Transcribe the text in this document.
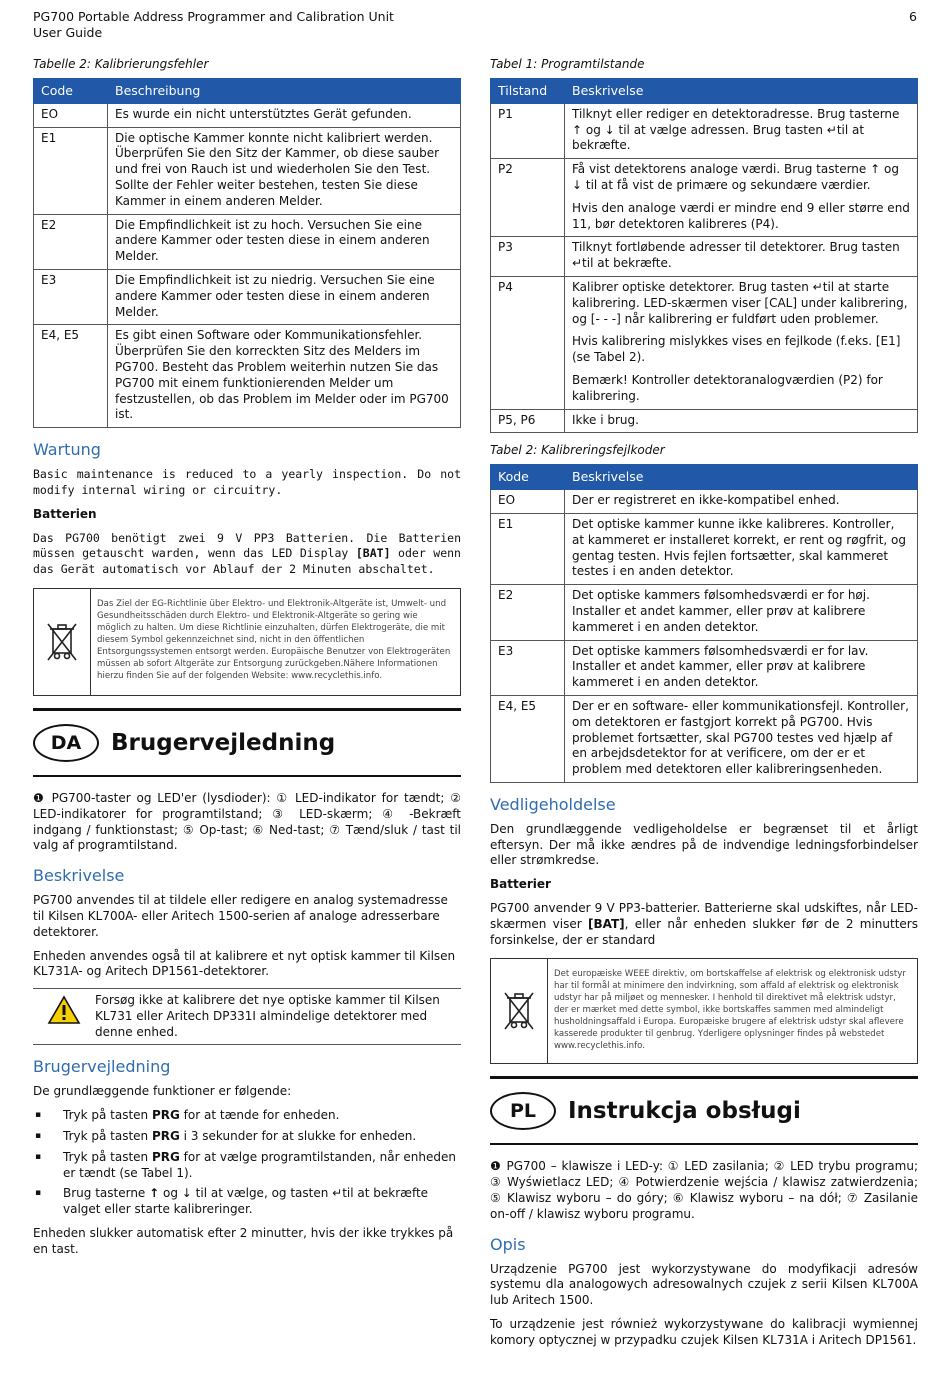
PG700 Portable Address Programmer and Calibration Unit
User Guide
6
Tabelle 2: Kalibrierungsfehler
Code	Beschreibung
EO	Es wurde ein nicht unterstütztes Gerät gefunden.
E1	Die optische Kammer konnte nicht kalibriert werden. Überprüfen Sie den Sitz der Kammer, ob diese sauber und frei von Rauch ist und wiederholen Sie den Test. Sollte der Fehler weiter bestehen, testen Sie diese Kammer in einem anderen Melder.
E2	Die Empfindlichkeit ist zu hoch. Versuchen Sie eine andere Kammer oder testen diese in einem anderen Melder.
E3	Die Empfindlichkeit ist zu niedrig. Versuchen Sie eine andere Kammer oder testen diese in einem anderen Melder.
E4, E5	Es gibt einen Software oder Kommunikationsfehler. Überprüfen Sie den korreckten Sitz des Melders im PG700. Besteht das Problem weiterhin nutzen Sie das PG700 mit einem funktionierenden Melder um festzustellen, ob das Problem im Melder oder im PG700 ist.
Wartung

Basic maintenance is reduced to a yearly inspection. Do not modify internal wiring or circuitry.

Batterien

Das PG700 benötigt zwei 9 V PP3 Batterien. Die Batterien müssen getauscht warden, wenn das LED Display [BAT] oder wenn das Gerät automatisch vor Ablauf der 2 Minuten abschaltet.

Das Ziel der EG-Richtlinie über Elektro- und Elektronik-Altgeräte ist, Umwelt- und Gesundheitsschäden durch Elektro- und Elektronik-Altgeräte so gering wie möglich zu halten. Um diese Richtlinie einzuhalten, dürfen Elektrogeräte, die mit diesem Symbol gekennzeichnet sind, nicht in den öffentlichen Entsorgungssystemen entsorgt werden. Europäische Benutzer von Elektrogeräten müssen ab sofort Altgeräte zur Entsorgung zurückgeben.Nähere Informationen hierzu finden Sie auf der folgenden Website: www.recyclethis.info.
DA	Brugervejledning

❶ PG700-taster og LED'er (lysdioder): ① LED-indikator for tændt; ② LED-indikatorer for programtilstand; ③ LED-skærm; ④ -Bekræft indgang / funktionstast; ⑤ Op-tast; ⑥ Ned-tast; ⑦ Tænd/sluk / tast til valg af programtilstand.

Beskrivelse

PG700 anvendes til at tildele eller redigere en analog systemadresse til Kilsen KL700A- eller Aritech 1500-serien af analoge adresserbare detektorer.

Enheden anvendes også til at kalibrere et nyt optisk kammer til Kilsen KL731A- og Aritech DP1561-detektorer.

Forsøg ikke at kalibrere det nye optiske kammer til Kilsen KL731 eller Aritech DP331I almindelige detektorer med denne enhed.

Brugervejledning

De grundlæggende funktioner er følgende:

▪ Tryk på tasten PRG for at tænde for enheden.
▪ Tryk på tasten PRG i 3 sekunder for at slukke for enheden.
▪ Tryk på tasten PRG for at vælge programtilstanden, når enheden er tændt (se Tabel 1).
▪ Brug tasterne ↑ og ↓ til at vælge, og tasten ↵til at bekræfte valget eller starte kalibreringer.

Enheden slukker automatisk efter 2 minutter, hvis der ikke trykkes på en tast.

Tabel 1: Programtilstande
Tilstand	Beskrivelse
P1	Tilknyt eller rediger en detektoradresse. Brug tasterne ↑ og ↓ til at vælge adressen. Brug tasten ↵til at bekræfte.

P2	Få vist detektorens analoge værdi. Brug tasterne ↑ og ↓ til at få vist de primære og sekundære værdier.

Hvis den analoge værdi er mindre end 9 eller større end 11, bør detektoren kalibreres (P4).

P3	Tilknyt fortløbende adresser til detektorer. Brug tasten ↵til at bekræfte.

P4	Kalibrer optiske detektorer. Brug tasten ↵til at starte kalibrering. LED-skærmen viser [CAL] under kalibrering, og [- - -] når kalibrering er fuldført uden problemer.

Hvis kalibrering mislykkes vises en fejlkode (f.eks. [E1] (se Tabel 2).

Bemærk! Kontroller detektoranalogværdien (P2) for kalibrering.

P5, P6	Ikke i brug.

Tabel 2: Kalibreringsfejlkoder
Kode	Beskrivelse
EO	Der er registreret en ikke-kompatibel enhed.
E1	Det optiske kammer kunne ikke kalibreres. Kontroller, at kammeret er installeret korrekt, er rent og røgfrit, og gentag testen. Hvis fejlen fortsætter, skal kammeret testes i en anden detektor.
E2	Det optiske kammers følsomhedsværdi er for høj. Installer et andet kammer, eller prøv at kalibrere kammeret i en anden detektor.
E3	Det optiske kammers følsomhedsværdi er for lav. Installer et andet kammer, eller prøv at kalibrere kammeret i en anden detektor.
E4, E5	Der er en software- eller kommunikationsfejl. Kontroller, om detektoren er fastgjort korrekt på PG700. Hvis problemet fortsætter, skal PG700 testes ved hjælp af en arbejdsdetektor for at verificere, om der er et problem med detektoren eller kalibreringsenheden.
Vedligeholdelse

Den grundlæggende vedligeholdelse er begrænset til et årligt eftersyn. Der må ikke ændres på de indvendige ledningsforbindelser eller strømkredse.

Batterier

PG700 anvender 9 V PP3-batterier. Batterierne skal udskiftes, når LED-skærmen viser [BAT], eller når enheden slukker før de 2 minutters forsinkelse, der er standard

Det europæiske WEEE direktiv, om bortskaffelse af elektrisk og elektronisk udstyr har til formål at minimere den indvirkning, som affald af elektrisk og elektronisk udstyr har på miljøet og mennesker. I henhold til direktivet må elektrisk udstyr, der er mærket med dette symbol, ikke bortskaffes sammen med almindeligt husholdningsaffald i Europa. Europæiske brugere af elektrisk udstyr skal aflevere kasserede produkter til genbrug. Yderligere oplysninger findes på webstedet www.recyclethis.info.
PL	Instrukcja obsługi

❶ PG700 – klawisze i LED-y: ① LED zasilania; ② LED trybu programu; ③ Wyświetlacz LED; ④ Potwierdzenie wejścia / klawisz zatwierdzenia; ⑤ Klawisz wyboru – do góry; ⑥ Klawisz wyboru – na dół; ⑦ Zasilanie on-off / klawisz wyboru programu.

Opis

Urządzenie PG700 jest wykorzystywane do modyfikacji adresów systemu dla analogowych adresowalnych czujek z serii Kilsen KL700A lub Aritech 1500.

To urządzenie jest również wykorzystywane do kalibracji wymiennej komory optycznej w przypadku czujek Kilsen KL731A i Aritech DP1561.
